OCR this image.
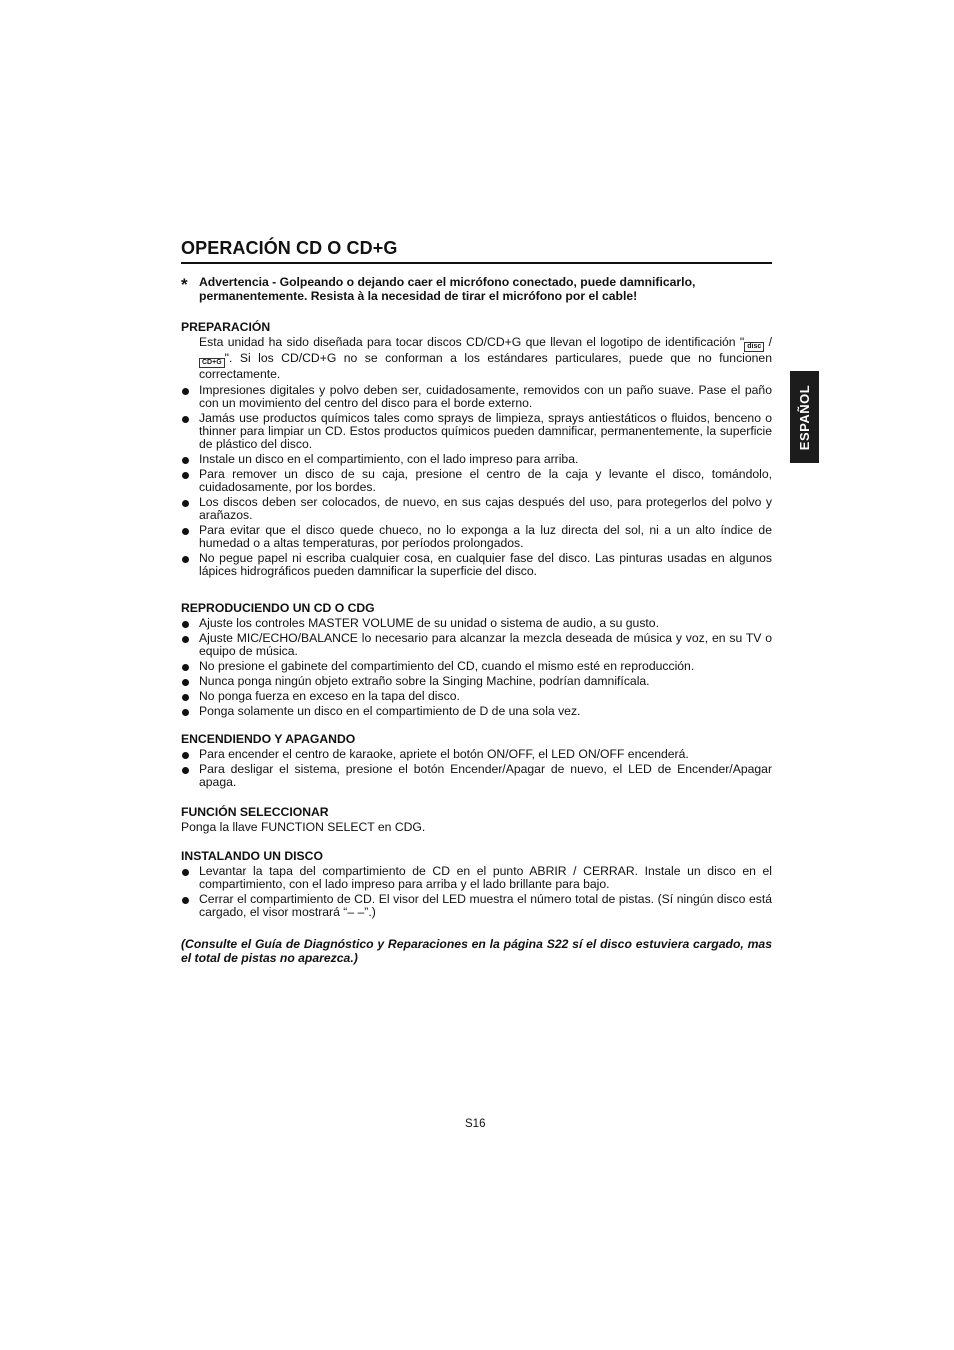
OPERACIÓN CD O CD+G
ESPAÑOL
* Advertencia - Golpeando o dejando caer el micrófono conectado, puede damnificarlo, permanentemente. Resista à la necesidad de tirar el micrófono por el cable!
PREPARACIÓN

Esta unidad ha sido diseñada para tocar discos CD/CD+G que llevan el logotipo de identificación " disc /CD+G ". Si los CD/CD+G no se conforman a los estándares particulares, puede que no funcionen correctamente.

Impresiones digitales y polvo deben ser, cuidadosamente, removidos con un paño suave. Pase el paño con un movimiento del centro del disco para el borde externo.
Jamás use productos químicos tales como sprays de limpieza, sprays antiestáticos o fluidos, benceno o thinner para limpiar un CD. Estos productos químicos pueden damnificar, permanentemente, la superficie de plástico del disco.
Instale un disco en el compartimiento, con el lado impreso para arriba.
Para remover un disco de su caja, presione el centro de la caja y levante el disco, tomándolo, cuidadosamente, por los bordes.
Los discos deben ser colocados, de nuevo, en sus cajas después del uso, para protegerlos del polvo y arañazos.
Para evitar que el disco quede chueco, no lo exponga a la luz directa del sol, ni a un alto índice de humedad o a altas temperaturas, por períodos prolongados.
No pegue papel ni escriba cualquier cosa, en cualquier fase del disco. Las pinturas usadas en algunos lápices hidrográficos pueden damnificar la superficie del disco.
REPRODUCIENDO UN CD O CDG
Ajuste los controles MASTER VOLUME de su unidad o sistema de audio, a su gusto.
Ajuste MIC/ECHO/BALANCE lo necesario para alcanzar la mezcla deseada de música y voz, en su TV o equipo de música.
No presione el gabinete del compartimiento del CD, cuando el mismo esté en reproducción.
Nunca ponga ningún objeto extraño sobre la Singing Machine, podrían damnifícala.
No ponga fuerza en exceso en la tapa del disco.
Ponga solamente un disco en el compartimiento de D de una sola vez.
ENCENDIENDO Y APAGANDO
Para encender el centro de karaoke, apriete el botón ON/OFF, el LED ON/OFF encenderá.
Para desligar el sistema, presione el botón Encender/Apagar de nuevo, el LED de Encender/Apagar apaga.
FUNCIÓN SELECCIONAR

Ponga la llave FUNCTION SELECT en CDG.

INSTALANDO UN DISCO
Levantar la tapa del compartimiento de CD en el punto ABRIR / CERRAR. Instale un disco en el compartimiento, con el lado impreso para arriba y el lado brillante para bajo.
Cerrar el compartimiento de CD. El visor del LED muestra el número total de pistas. (Sí ningún disco está cargado, el visor mostrará “– –”.)
(Consulte el Guía de Diagnóstico y Reparaciones en la página S22 sí el disco estuviera cargado, mas el total de pistas no aparezca.)
S16
